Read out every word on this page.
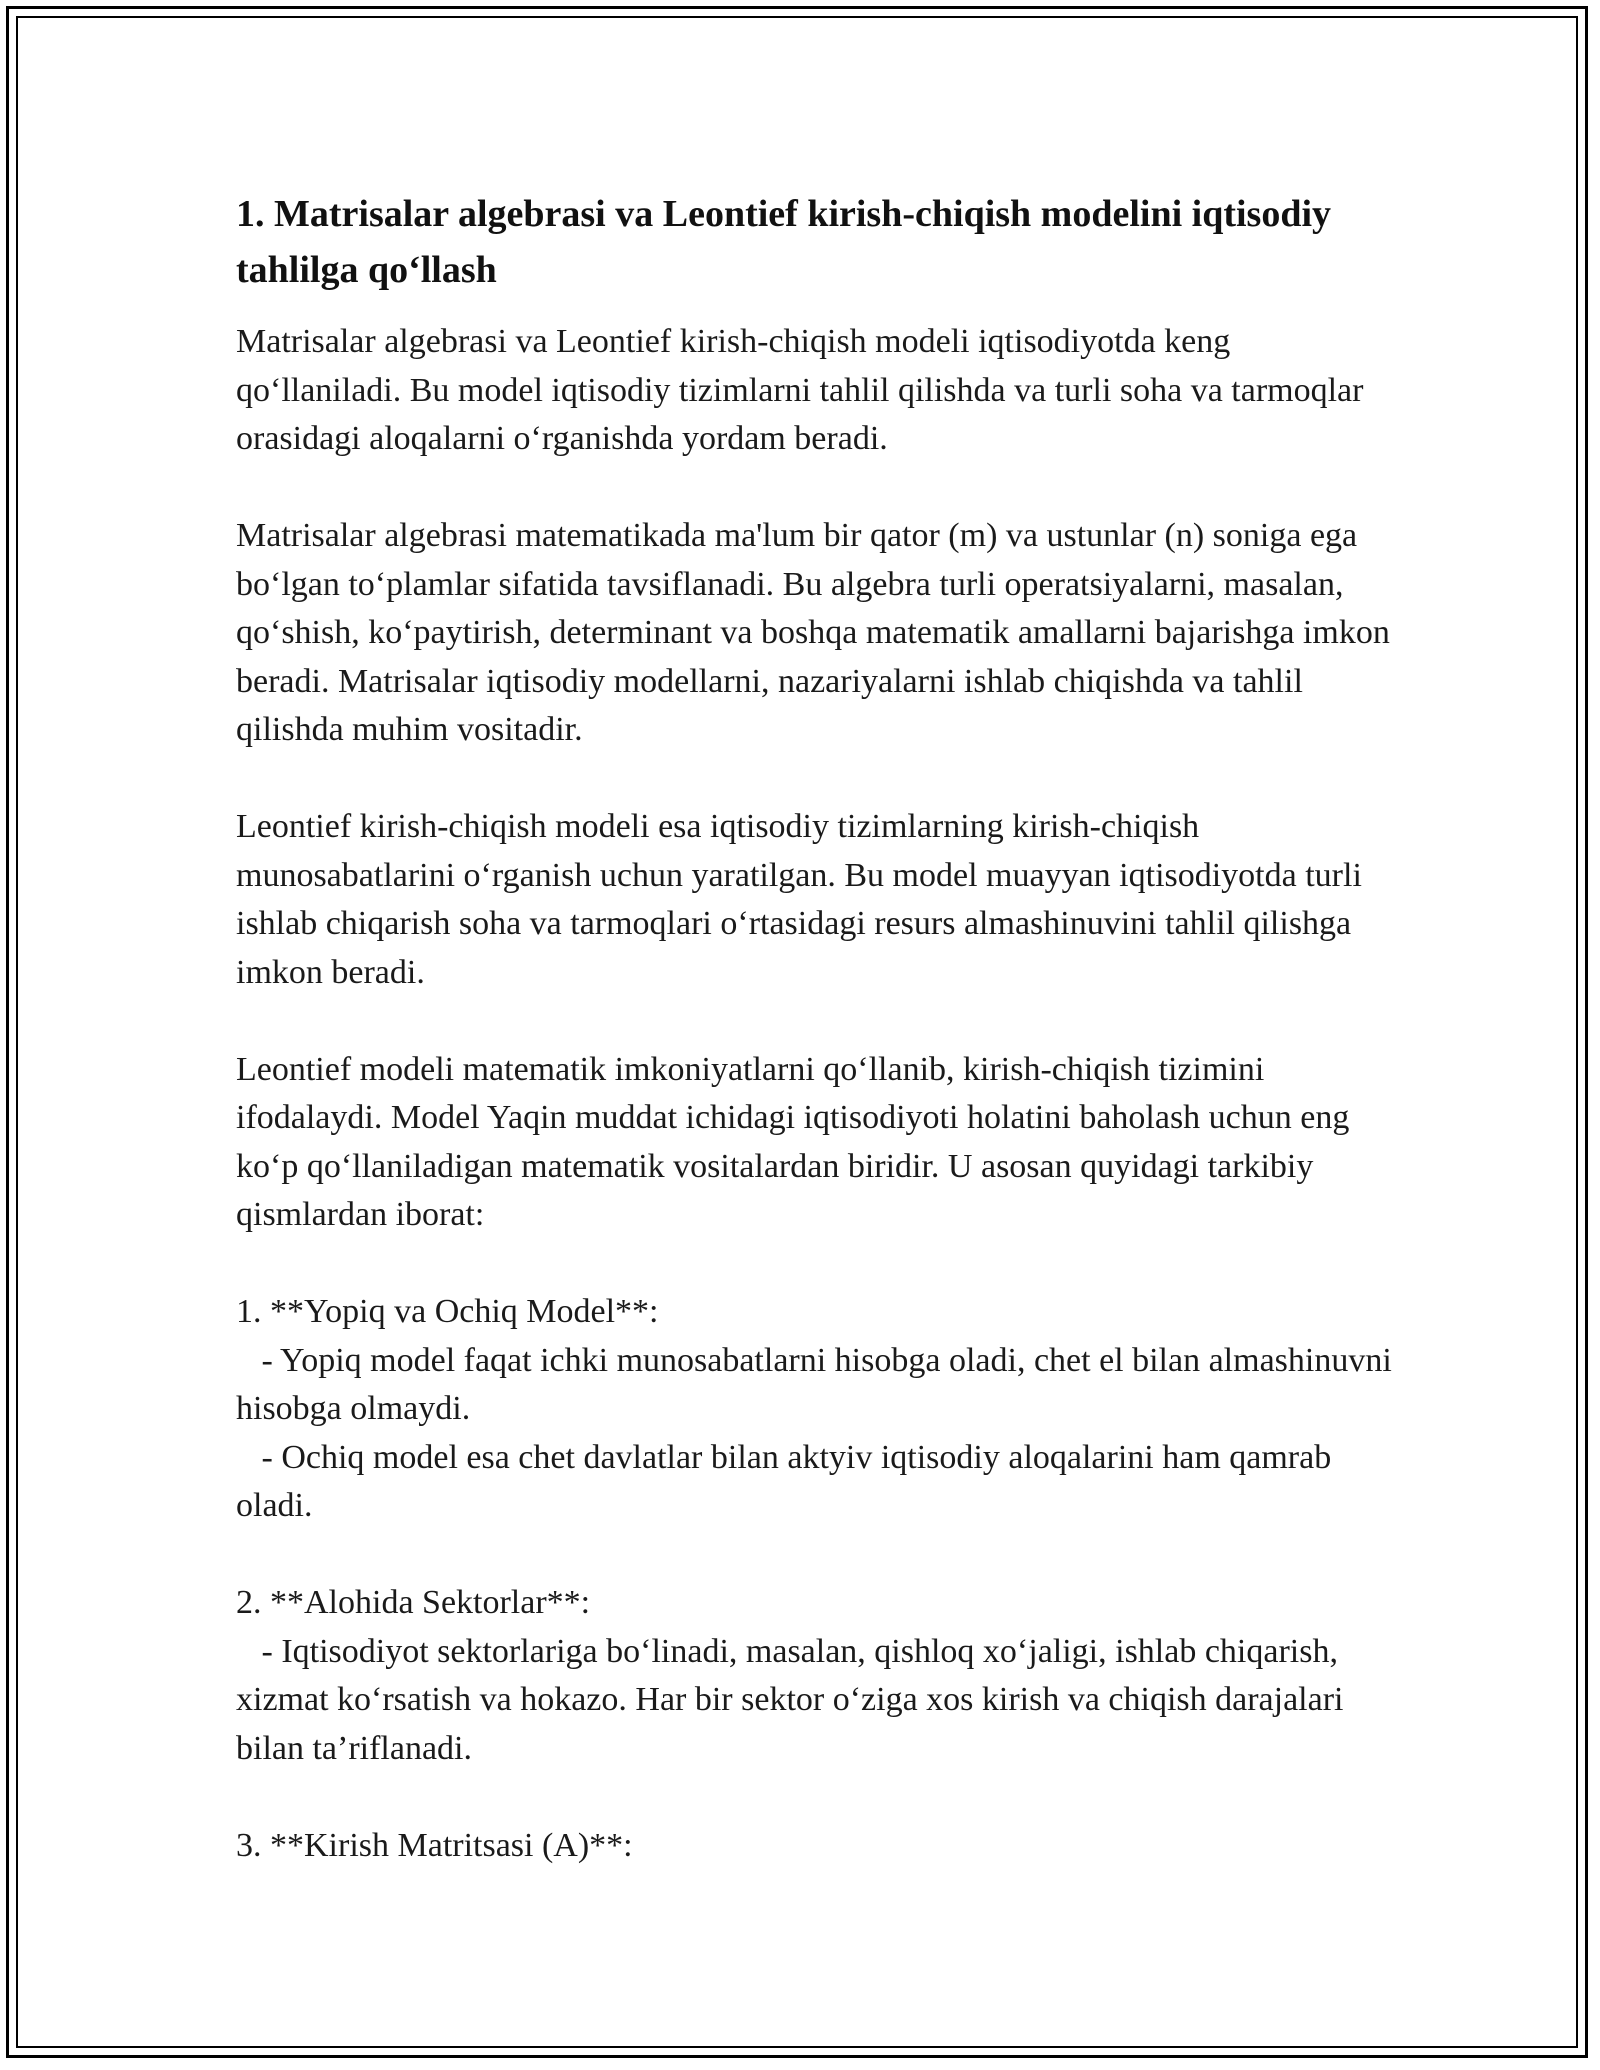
1. Matrisalar algebrasi va Leontief kirish-chiqish modelini iqtisodiy tahlilga qo‘llash

Matrisalar algebrasi va Leontief kirish-chiqish modeli iqtisodiyotda keng qo‘llaniladi. Bu model iqtisodiy tizimlarni tahlil qilishda va turli soha va tarmoqlar orasidagi aloqalarni o‘rganishda yordam beradi.

Matrisalar algebrasi matematikada ma'lum bir qator (m) va ustunlar (n) soniga ega bo‘lgan to‘plamlar sifatida tavsiflanadi. Bu algebra turli operatsiyalarni, masalan, qo‘shish, ko‘paytirish, determinant va boshqa matematik amallarni bajarishga imkon beradi. Matrisalar iqtisodiy modellarni, nazariyalarni ishlab chiqishda va tahlil qilishda muhim vositadir.

Leontief kirish-chiqish modeli esa iqtisodiy tizimlarning kirish-chiqish munosabatlarini o‘rganish uchun yaratilgan. Bu model muayyan iqtisodiyotda turli ishlab chiqarish soha va tarmoqlari o‘rtasidagi resurs almashinuvini tahlil qilishga imkon beradi.

Leontief modeli matematik imkoniyatlarni qo‘llanib, kirish-chiqish tizimini ifodalaydi. Model Yaqin muddat ichidagi iqtisodiyoti holatini baholash uchun eng ko‘p qo‘llaniladigan matematik vositalardan biridir. U asosan quyidagi tarkibiy qismlardan iborat:

1. **Yopiq va Ochiq Model**:

- Yopiq model faqat ichki munosabatlarni hisobga oladi, chet el bilan almashinuvni hisobga olmaydi.

- Ochiq model esa chet davlatlar bilan aktyiv iqtisodiy aloqalarini ham qamrab oladi.

2. **Alohida Sektorlar**:

- Iqtisodiyot sektorlariga bo‘linadi, masalan, qishloq xo‘jaligi, ishlab chiqarish, xizmat ko‘rsatish va hokazo. Har bir sektor o‘ziga xos kirish va chiqish darajalari bilan ta’riflanadi.

3. **Kirish Matritsasi (A)**:
